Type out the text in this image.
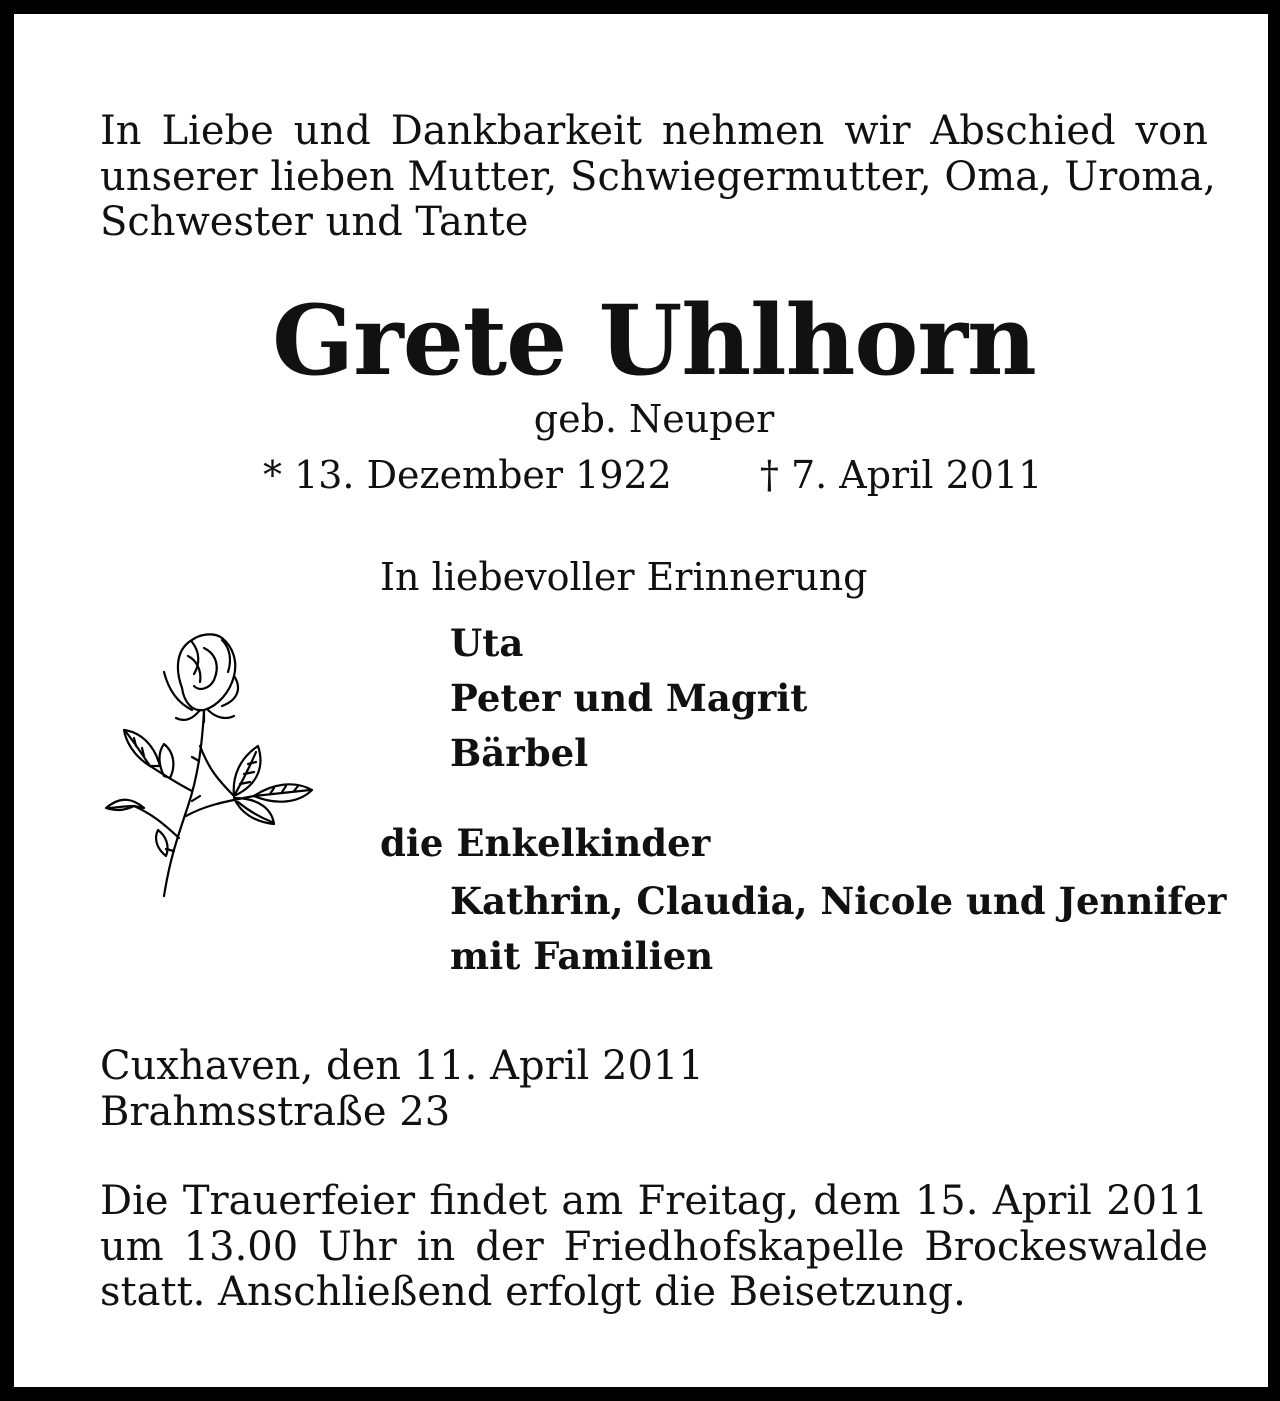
In Liebe und Dankbarkeit nehmen wir Abschied von
unserer lieben Mutter, Schwiegermutter, Oma, Uroma,
Schwester und Tante
Grete Uhlhorn

geb. Neuper

* 13. Dezember 1922 † 7. April 2011

In liebevoller Erinnerung

Uta

Peter und Magrit

Bärbel

die Enkelkinder

Kathrin, Claudia, Nicole und Jennifer

mit Familien

Cuxhaven, den 11. April 2011
Brahmsstraße 23
Die Trauerfeier findet am Freitag, dem 15. April 2011
um 13.00 Uhr in der Friedhofskapelle Brockeswalde
statt. Anschließend erfolgt die Beisetzung.
